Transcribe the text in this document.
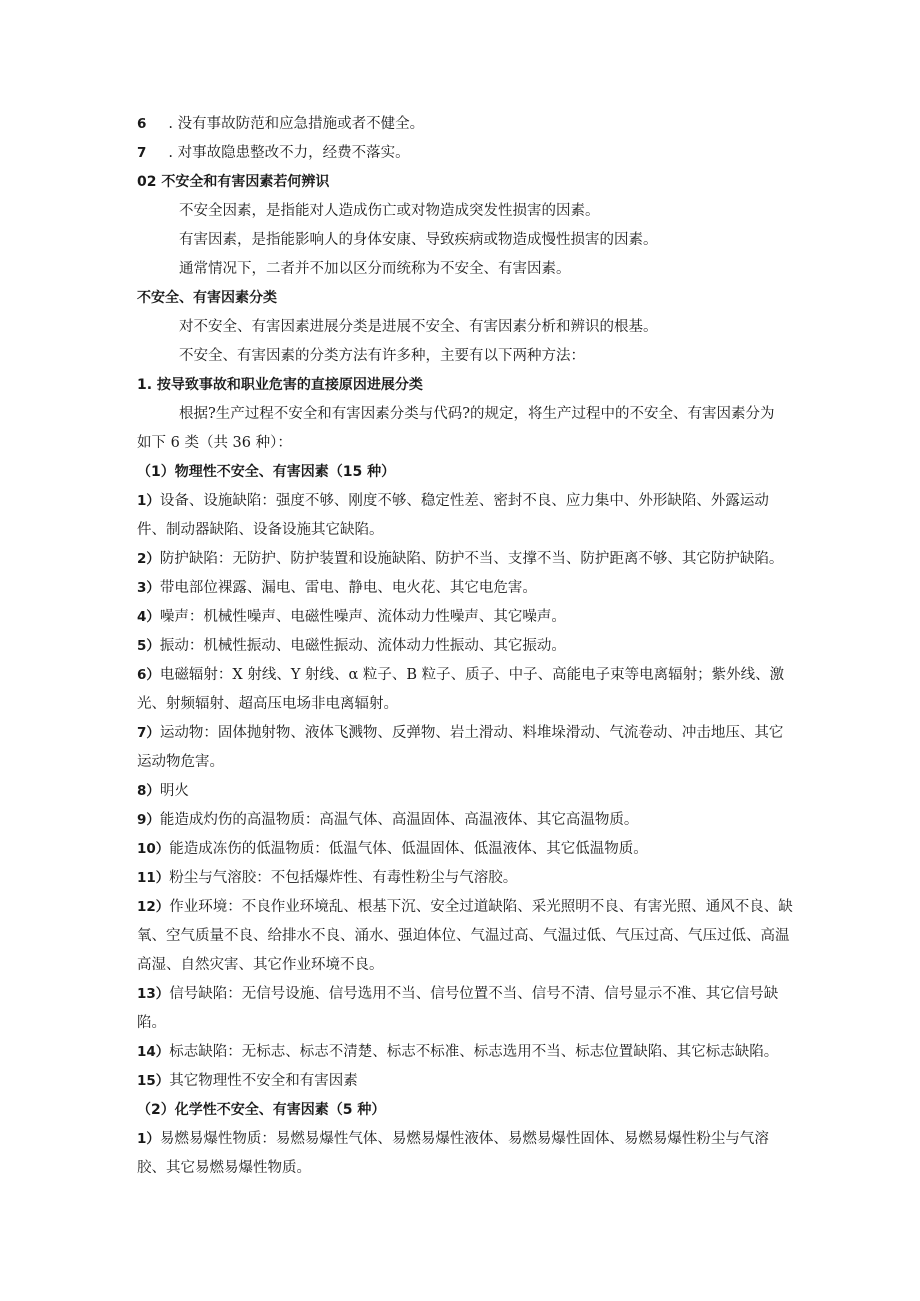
6 . 没有事故防范和应急措施或者不健全。
7 . 对事故隐患整改不力，经费不落实。
02 不安全和有害因素若何辨识
不安全因素，是指能对人造成伤亡或对物造成突发性损害的因素。
有害因素，是指能影响人的身体安康、导致疾病或物造成慢性损害的因素。
通常情况下，二者并不加以区分而统称为不安全、有害因素。
不安全、有害因素分类
对不安全、有害因素进展分类是进展不安全、有害因素分析和辨识的根基。
不安全、有害因素的分类方法有许多种，主要有以下两种方法：
1. 按导致事故和职业危害的直接原因进展分类
根据?生产过程不安全和有害因素分类与代码?的规定，将生产过程中的不安全、有害因素分为如下 6 类（共 36 种）：
（1）物理性不安全、有害因素（15 种）
1）设备、设施缺陷：强度不够、刚度不够、稳定性差、密封不良、应力集中、外形缺陷、外露运动件、制动器缺陷、设备设施其它缺陷。
2）防护缺陷：无防护、防护装置和设施缺陷、防护不当、支撑不当、防护距离不够、其它防护缺陷。
3）带电部位裸露、漏电、雷电、静电、电火花、其它电危害。
4）噪声：机械性噪声、电磁性噪声、流体动力性噪声、其它噪声。
5）振动：机械性振动、电磁性振动、流体动力性振动、其它振动。
6）电磁辐射：X 射线、Y 射线、α 粒子、B 粒子、质子、中子、高能电子束等电离辐射；紫外线、激光、射频辐射、超高压电场非电离辐射。
7）运动物：固体抛射物、液体飞溅物、反弹物、岩土滑动、料堆垛滑动、气流卷动、冲击地压、其它运动物危害。
8）明火
9）能造成灼伤的高温物质：高温气体、高温固体、高温液体、其它高温物质。
10）能造成冻伤的低温物质：低温气体、低温固体、低温液体、其它低温物质。
11）粉尘与气溶胶：不包括爆炸性、有毒性粉尘与气溶胶。
12）作业环境：不良作业环境乱、根基下沉、安全过道缺陷、采光照明不良、有害光照、通风不良、缺氧、空气质量不良、给排水不良、涌水、强迫体位、气温过高、气温过低、气压过高、气压过低、高温高湿、自然灾害、其它作业环境不良。
13）信号缺陷：无信号设施、信号选用不当、信号位置不当、信号不清、信号显示不准、其它信号缺陷。
14）标志缺陷：无标志、标志不清楚、标志不标准、标志选用不当、标志位置缺陷、其它标志缺陷。
15）其它物理性不安全和有害因素
（2）化学性不安全、有害因素（5 种）
1）易燃易爆性物质：易燃易爆性气体、易燃易爆性液体、易燃易爆性固体、易燃易爆性粉尘与气溶胶、其它易燃易爆性物质。
